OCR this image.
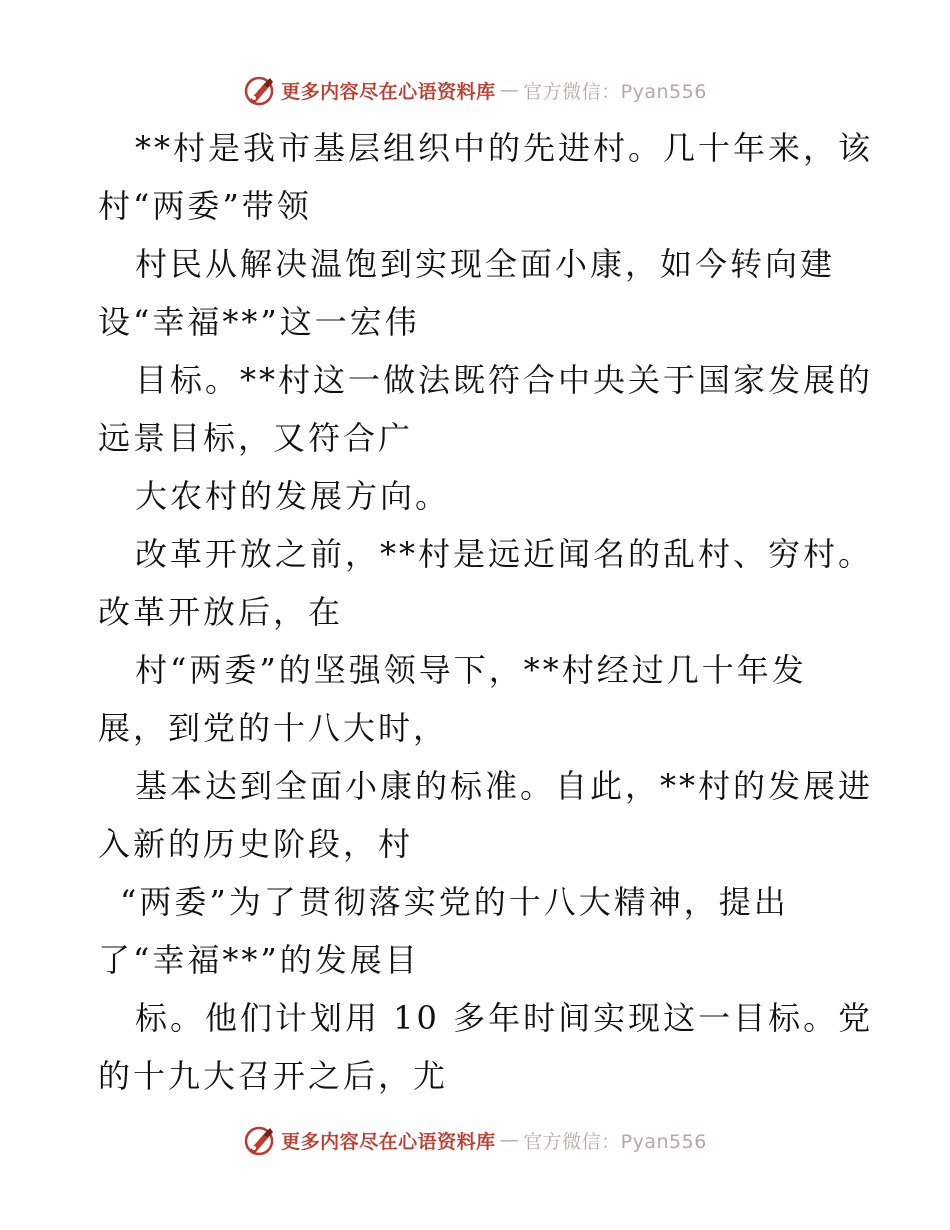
更多内容尽在心语资料库 — 官方微信：Pyan556
**村是我市基层组织中的先进村。几十年来，该
村“两委”带领
村民从解决温饱到实现全面小康，如今转向建
设“幸福**”这一宏伟
目标。**村这一做法既符合中央关于国家发展的
远景目标，又符合广
大农村的发展方向。
改革开放之前，**村是远近闻名的乱村、穷村。
改革开放后，在
村“两委”的坚强领导下，**村经过几十年发
展，到党的十八大时，
基本达到全面小康的标准。自此，**村的发展进
入新的历史阶段，村
“两委”为了贯彻落实党的十八大精神，提出
了“幸福**”的发展目
标。他们计划用 10 多年时间实现这一目标。党
的十九大召开之后，尤
更多内容尽在心语资料库 — 官方微信：Pyan556
